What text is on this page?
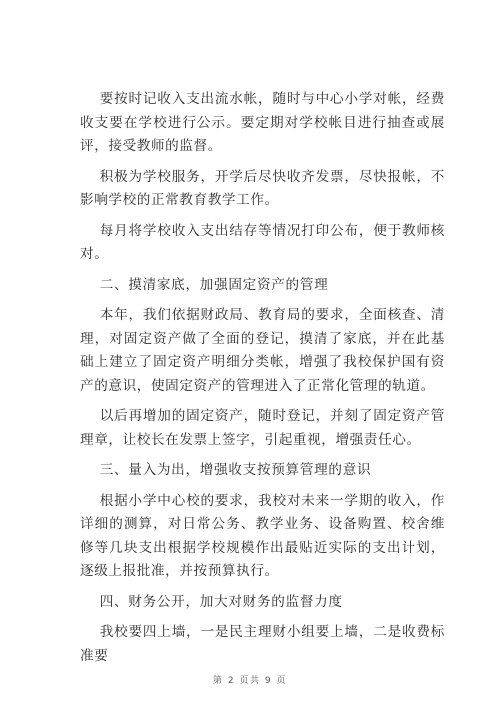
要按时记收入支出流水帐，随时与中心小学对帐，经费收支要在学校进行公示。要定期对学校帐目进行抽查或展评，接受教师的监督。

积极为学校服务，开学后尽快收齐发票，尽快报帐，不影响学校的正常教育教学工作。

每月将学校收入支出结存等情况打印公布，便于教师核对。

二、摸清家底，加强固定资产的管理

本年，我们依据财政局、教育局的要求，全面核查、清理，对固定资产做了全面的登记，摸清了家底，并在此基础上建立了固定资产明细分类帐，增强了我校保护国有资产的意识，使固定资产的管理进入了正常化管理的轨道。

以后再增加的固定资产，随时登记，并刻了固定资产管理章，让校长在发票上签字，引起重视，增强责任心。

三、量入为出，增强收支按预算管理的意识

根据小学中心校的要求，我校对未来一学期的收入，作详细的测算，对日常公务、教学业务、设备购置、校舍维修等几块支出根据学校规模作出最贴近实际的支出计划，逐级上报批准，并按预算执行。

四、财务公开，加大对财务的监督力度

我校要四上墙，一是民主理财小组要上墙，二是收费标准要

第 2 页共 9 页
